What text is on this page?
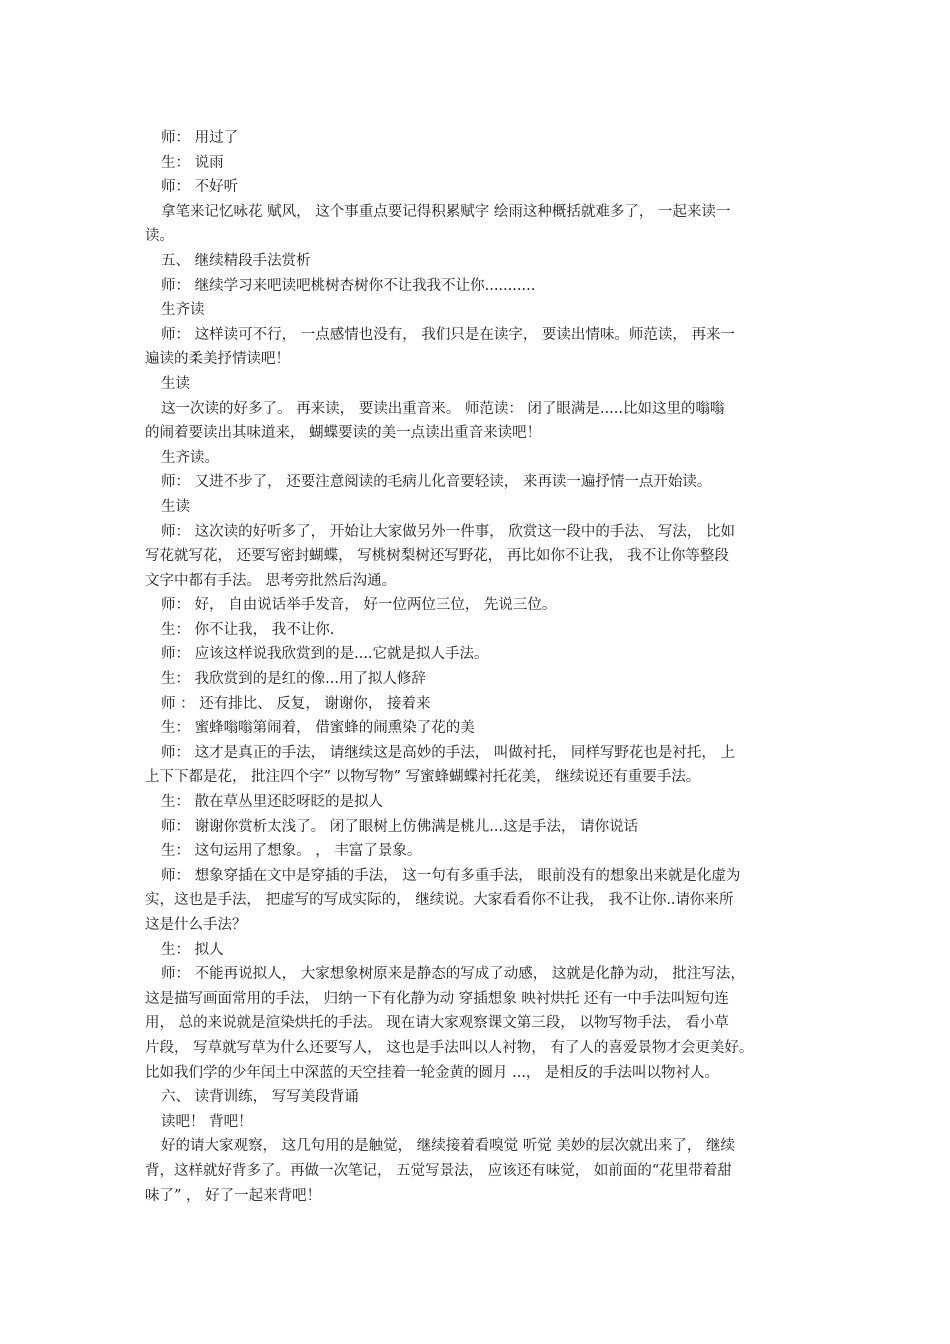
师： 用过了
生： 说雨
师： 不好听
拿笔来记忆咏花 赋风， 这个事重点要记得积累赋字 绘雨这种概括就难多了， 一起来读一
读。
五、 继续精段手法赏析
师： 继续学习来吧读吧桃树杏树你不让我我不让你...........
生齐读
师： 这样读可不行， 一点感情也没有， 我们只是在读字， 要读出情味。师范读， 再来一
遍读的柔美抒情读吧！
生读
这一次读的好多了。 再来读， 要读出重音来。 师范读： 闭了眼满是.....比如这里的嗡嗡
的闹着要读出其味道来， 蝴蝶要读的美一点读出重音来读吧！
生齐读。
师： 又进不步了， 还要注意阅读的毛病儿化音要轻读， 来再读一遍抒情一点开始读。
生读
师： 这次读的好听多了， 开始让大家做另外一件事， 欣赏这一段中的手法、 写法， 比如
写花就写花， 还要写密封蝴蝶， 写桃树梨树还写野花， 再比如你不让我， 我不让你等整段
文字中都有手法。 思考旁批然后沟通。
师： 好， 自由说话举手发音， 好一位两位三位， 先说三位。
生： 你不让我， 我不让你.
师： 应该这样说我欣赏到的是....它就是拟人手法。
生： 我欣赏到的是红的像...用了拟人修辞
师 ： 还有排比、 反复， 谢谢你， 接着来
生： 蜜蜂嗡嗡第闹着， 借蜜蜂的闹熏染了花的美
师： 这才是真正的手法， 请继续这是高妙的手法， 叫做衬托， 同样写野花也是衬托， 上
上下下都是花， 批注四个字” 以物写物” 写蜜蜂蝴蝶衬托花美， 继续说还有重要手法。
生： 散在草丛里还眨呀眨的是拟人
师： 谢谢你赏析太浅了。 闭了眼树上仿佛满是桃儿...这是手法， 请你说话
生： 这句运用了想象。 ， 丰富了景象。
师： 想象穿插在文中是穿插的手法， 这一句有多重手法， 眼前没有的想象出来就是化虚为
实，这也是手法， 把虚写的写成实际的， 继续说。大家看看你不让我， 我不让你..请你来所
这是什么手法？
生： 拟人
师： 不能再说拟人， 大家想象树原来是静态的写成了动感， 这就是化静为动， 批注写法，
这是描写画面常用的手法， 归纳一下有化静为动 穿插想象 映衬烘托 还有一中手法叫短句连
用， 总的来说就是渲染烘托的手法。 现在请大家观察课文第三段， 以物写物手法， 看小草
片段， 写草就写草为什么还要写人， 这也是手法叫以人衬物， 有了人的喜爱景物才会更美好。
比如我们学的少年闰土中深蓝的天空挂着一轮金黄的圆月 ...， 是相反的手法叫以物衬人。
六、 读背训练， 写写美段背诵
读吧！ 背吧！
好的请大家观察， 这几句用的是触觉， 继续接着看嗅觉 听觉 美妙的层次就出来了， 继续
背，这样就好背多了。再做一次笔记， 五觉写景法， 应该还有味觉， 如前面的“花里带着甜
味了” ， 好了一起来背吧！
